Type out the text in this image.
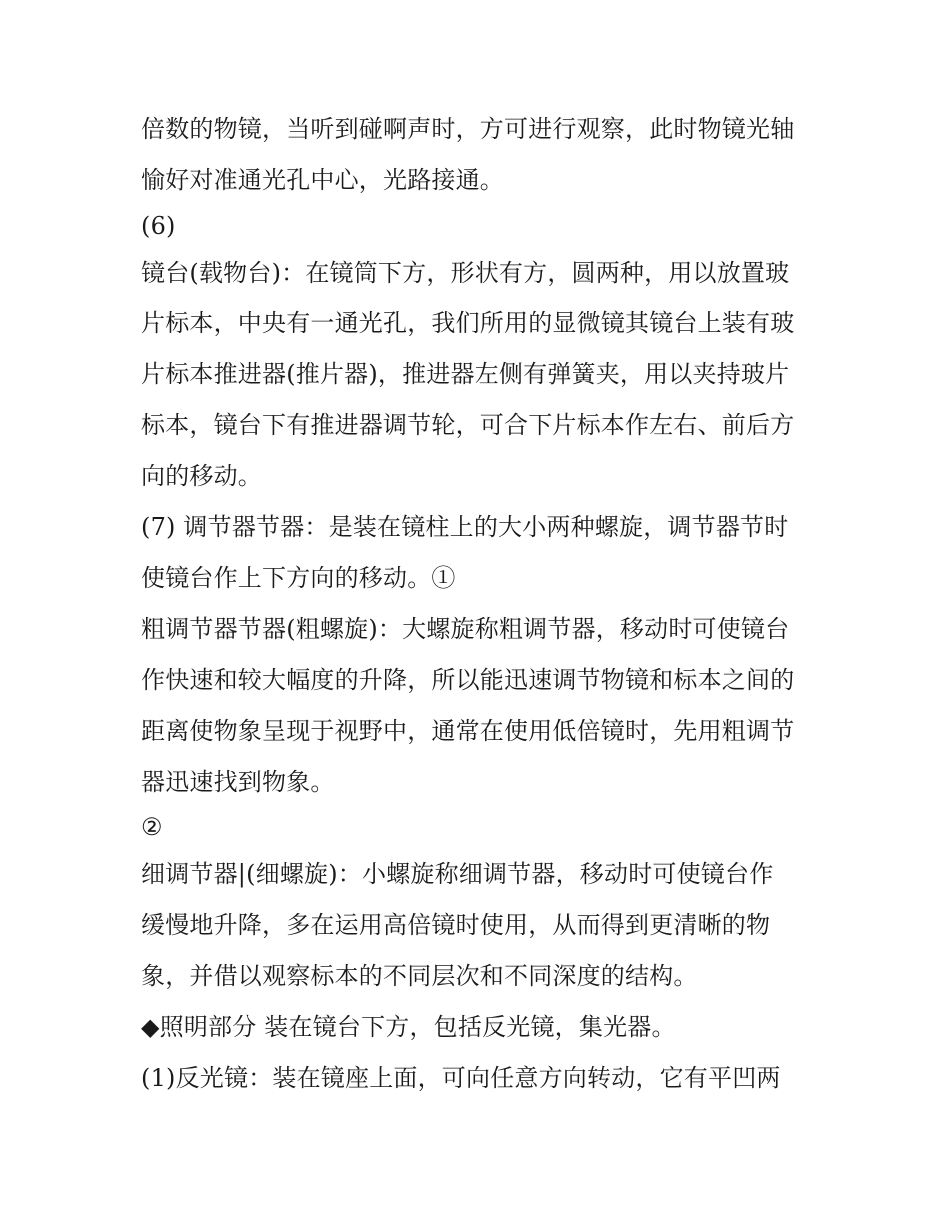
倍数的物镜，当听到碰啊声时，方可进行观察，此时物镜光轴
愉好对准通光孔中心，光路接通。
(6)
镜台(载物台)：在镜筒下方，形状有方，圆两种，用以放置玻
片标本，中央有一通光孔，我们所用的显微镜其镜台上装有玻
片标本推进器(推片器)，推进器左侧有弹簧夹，用以夹持玻片
标本，镜台下有推进器调节轮，可合下片标本作左右、前后方
向的移动。
(7) 调节器节器：是装在镜柱上的大小两种螺旋，调节器节时
使镜台作上下方向的移动。①
粗调节器节器(粗螺旋)：大螺旋称粗调节器，移动时可使镜台
作快速和较大幅度的升降，所以能迅速调节物镜和标本之间的
距离使物象呈现于视野中，通常在使用低倍镜时，先用粗调节
器迅速找到物象。
②
细调节器|(细螺旋)：小螺旋称细调节器，移动时可使镜台作
缓慢地升降，多在运用高倍镜时使用，从而得到更清晰的物
象，并借以观察标本的不同层次和不同深度的结构。
◆照明部分 装在镜台下方，包括反光镜，集光器。
(1)反光镜：装在镜座上面，可向任意方向转动，它有平凹两
